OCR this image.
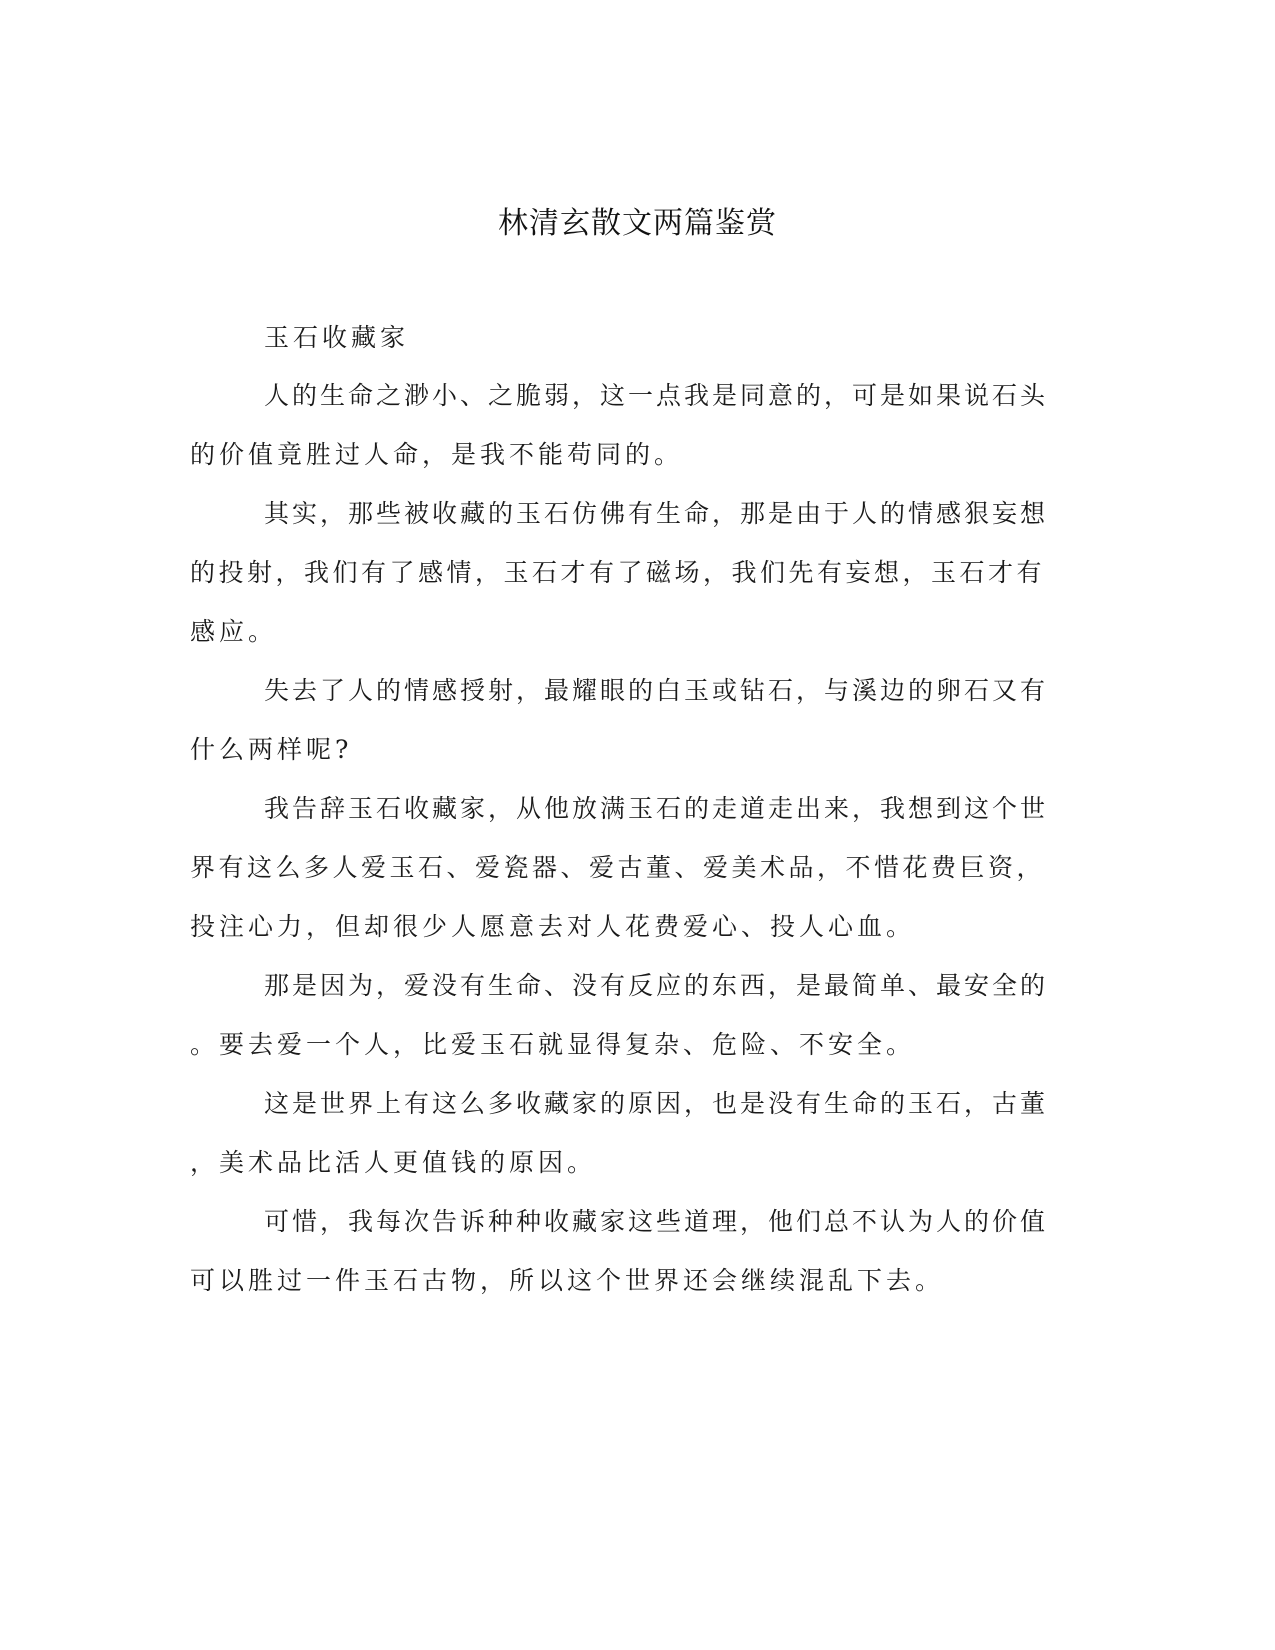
林清玄散文两篇鉴赏
玉石收藏家
人的生命之渺小、之脆弱，这一点我是同意的，可是如果说石头
的价值竟胜过人命，是我不能苟同的。
其实，那些被收藏的玉石仿佛有生命，那是由于人的情感狠妄想
的投射，我们有了感情，玉石才有了磁场，我们先有妄想，玉石才有
感应。
失去了人的情感授射，最耀眼的白玉或钻石，与溪边的卵石又有
什么两样呢?
我告辞玉石收藏家，从他放满玉石的走道走出来，我想到这个世
界有这么多人爱玉石、爱瓷器、爱古董、爱美术品，不惜花费巨资，
投注心力，但却很少人愿意去对人花费爱心、投人心血。
那是因为，爱没有生命、没有反应的东西，是最简单、最安全的
。要去爱一个人，比爱玉石就显得复杂、危险、不安全。
这是世界上有这么多收藏家的原因，也是没有生命的玉石，古董
，美术品比活人更值钱的原因。
可惜，我每次告诉种种收藏家这些道理，他们总不认为人的价值
可以胜过一件玉石古物，所以这个世界还会继续混乱下去。
